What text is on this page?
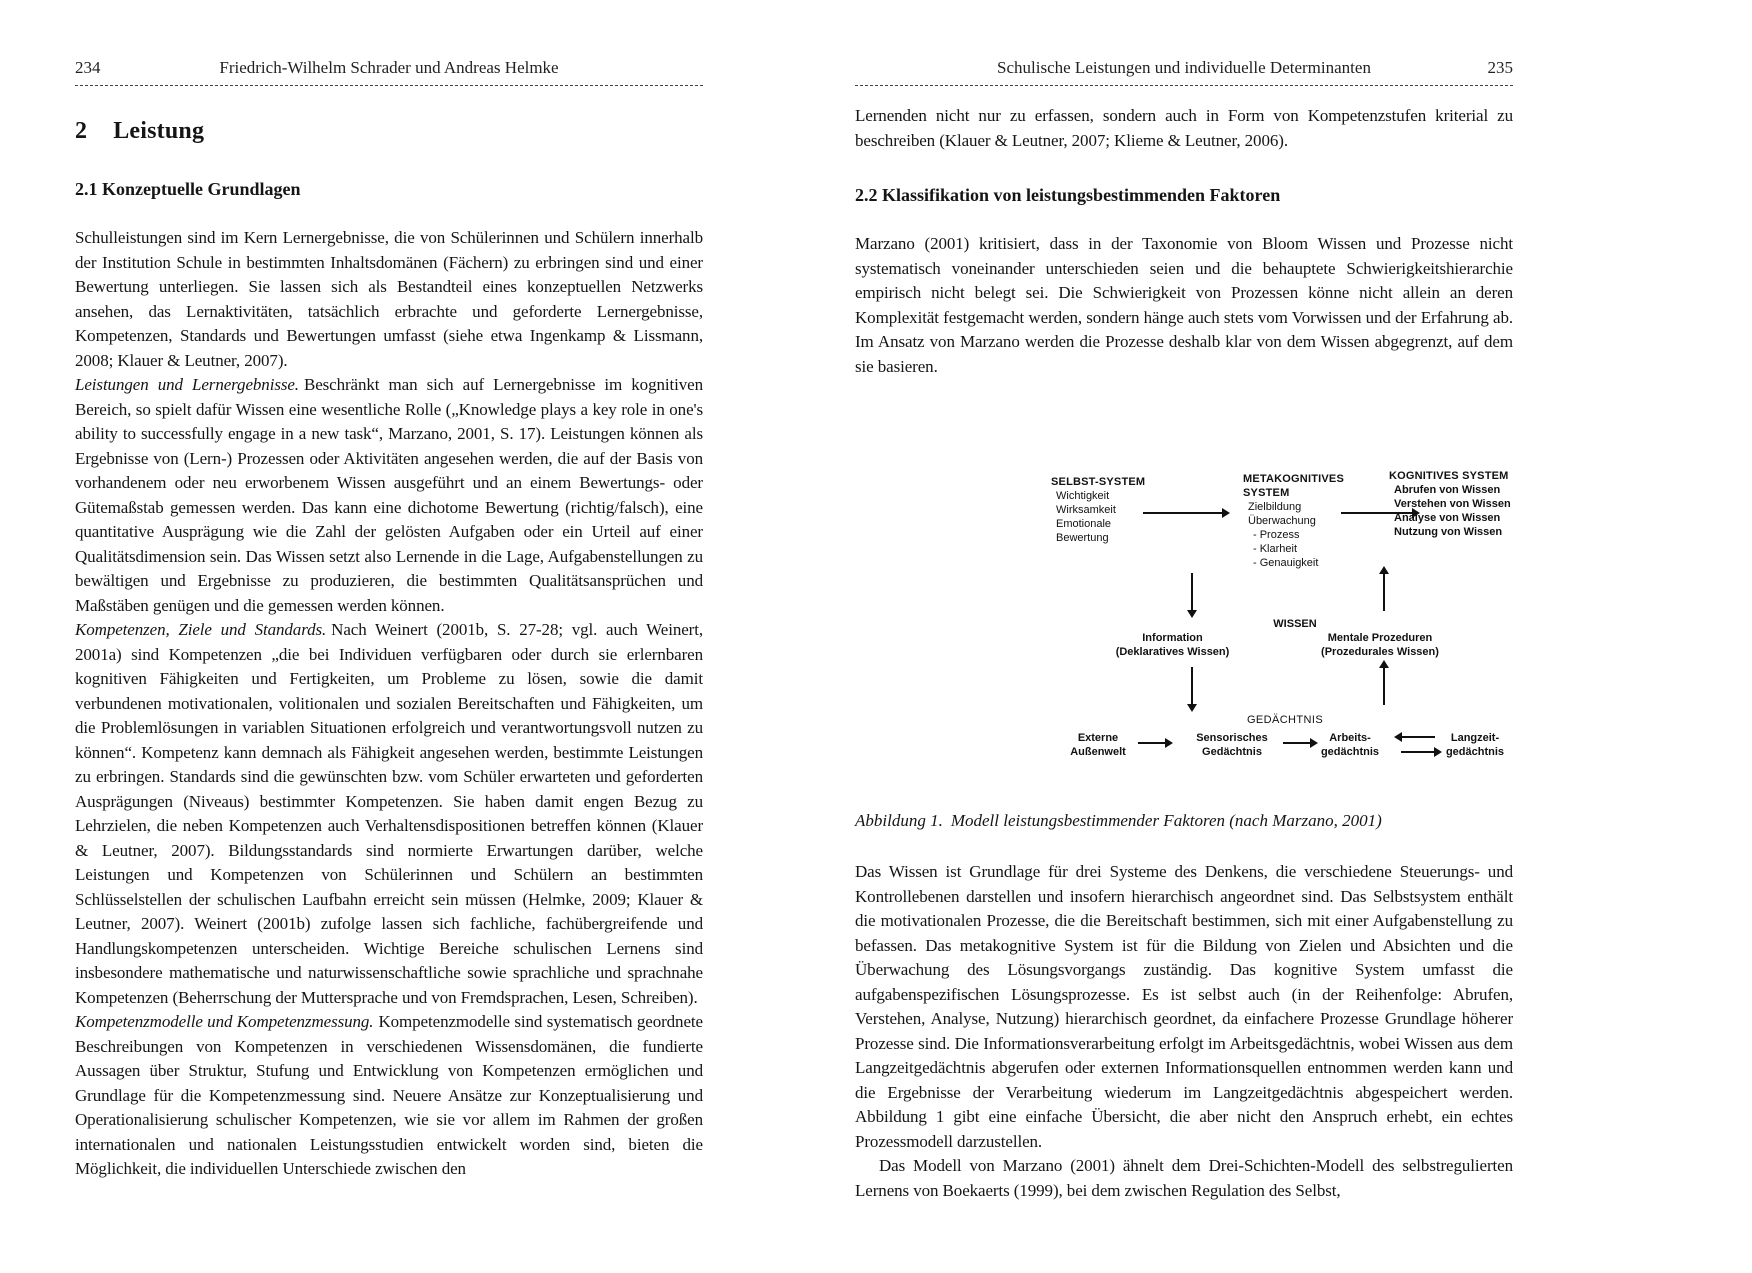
234	Friedrich-Wilhelm Schrader und Andreas Helmke
2 Leistung
2.1 Konzeptuelle Grundlagen

Schulleistungen sind im Kern Lernergebnisse, die von Schülerinnen und Schülern innerhalb der Institution Schule in bestimmten Inhaltsdomänen (Fächern) zu erbringen sind und einer Bewertung unterliegen. Sie lassen sich als Bestandteil eines konzeptuellen Netzwerks ansehen, das Lernaktivitäten, tatsächlich erbrachte und geforderte Lernergebnisse, Kompetenzen, Standards und Bewertungen umfasst (siehe etwa Ingenkamp & Lissmann, 2008; Klauer & Leutner, 2007).

Leistungen und Lernergebnisse. Beschränkt man sich auf Lernergebnisse im kognitiven Bereich, so spielt dafür Wissen eine wesentliche Rolle („Knowledge plays a key role in one's ability to successfully engage in a new task“, Marzano, 2001, S. 17). Leistungen können als Ergebnisse von (Lern-) Prozessen oder Aktivitäten angesehen werden, die auf der Basis von vorhandenem oder neu erworbenem Wissen ausgeführt und an einem Bewertungs- oder Gütemaßstab gemessen werden. Das kann eine dichotome Bewertung (richtig/falsch), eine quantitative Ausprägung wie die Zahl der gelösten Aufgaben oder ein Urteil auf einer Qualitätsdimension sein. Das Wissen setzt also Lernende in die Lage, Aufgabenstellungen zu bewältigen und Ergebnisse zu produzieren, die bestimmten Qualitätsansprüchen und Maßstäben genügen und die gemessen werden können.

Kompetenzen, Ziele und Standards. Nach Weinert (2001b, S. 27-28; vgl. auch Weinert, 2001a) sind Kompetenzen „die bei Individuen verfügbaren oder durch sie erlernbaren kognitiven Fähigkeiten und Fertigkeiten, um Probleme zu lösen, sowie die damit verbundenen motivationalen, volitionalen und sozialen Bereitschaften und Fähigkeiten, um die Problemlösungen in variablen Situationen erfolgreich und verantwortungsvoll nutzen zu können“. Kompetenz kann demnach als Fähigkeit angesehen werden, bestimmte Leistungen zu erbringen. Standards sind die gewünschten bzw. vom Schüler erwarteten und geforderten Ausprägungen (Niveaus) bestimmter Kompetenzen. Sie haben damit engen Bezug zu Lehrzielen, die neben Kompetenzen auch Verhaltensdispositionen betreffen können (Klauer & Leutner, 2007). Bildungsstandards sind normierte Erwartungen darüber, welche Leistungen und Kompetenzen von Schülerinnen und Schülern an bestimmten Schlüsselstellen der schulischen Laufbahn erreicht sein müssen (Helmke, 2009; Klauer & Leutner, 2007). Weinert (2001b) zufolge lassen sich fachliche, fachübergreifende und Handlungskompetenzen unterscheiden. Wichtige Bereiche schulischen Lernens sind insbesondere mathematische und naturwissenschaftliche sowie sprachliche und sprachnahe Kompetenzen (Beherrschung der Muttersprache und von Fremdsprachen, Lesen, Schreiben).

Kompetenzmodelle und Kompetenzmessung. Kompetenzmodelle sind systematisch geordnete Beschreibungen von Kompetenzen in verschiedenen Wissensdomänen, die fundierte Aussagen über Struktur, Stufung und Entwicklung von Kompetenzen ermöglichen und Grundlage für die Kompetenzmessung sind. Neuere Ansätze zur Konzeptualisierung und Operationalisierung schulischer Kompetenzen, wie sie vor allem im Rahmen der großen internationalen und nationalen Leistungsstudien entwickelt worden sind, bieten die Möglichkeit, die individuellen Unterschiede zwischen den

Schulische Leistungen und individuelle Determinanten	235

Lernenden nicht nur zu erfassen, sondern auch in Form von Kompetenzstufen kriterial zu beschreiben (Klauer & Leutner, 2007; Klieme & Leutner, 2006).

2.2 Klassifikation von leistungsbestimmenden Faktoren

Marzano (2001) kritisiert, dass in der Taxonomie von Bloom Wissen und Prozesse nicht systematisch voneinander unterschieden seien und die behauptete Schwierigkeitshierarchie empirisch nicht belegt sei. Die Schwierigkeit von Prozessen könne nicht allein an deren Komplexität festgemacht werden, sondern hänge auch stets vom Vorwissen und der Erfahrung ab. Im Ansatz von Marzano werden die Prozesse deshalb klar von dem Wissen abgegrenzt, auf dem sie basieren.

SELBST-SYSTEM
Wichtigkeit
Wirksamkeit
Emotionale
Bewertung
METAKOGNITIVES
SYSTEM
Zielbildung
Überwachung
- Prozess
- Klarheit
- Genauigkeit
KOGNITIVES SYSTEM
Abrufen von Wissen
Verstehen von Wissen
Analyse von Wissen
Nutzung von Wissen
WISSEN
Information
(Deklaratives Wissen)
Mentale Prozeduren
(Prozedurales Wissen)
GEDÄCHTNIS
Externe
Außenwelt
Sensorisches
Gedächtnis
Arbeits-
gedächtnis
Langzeit-
gedächtnis

Abbildung 1. Modell leistungsbestimmender Faktoren (nach Marzano, 2001)

Das Wissen ist Grundlage für drei Systeme des Denkens, die verschiedene Steuerungs- und Kontrollebenen darstellen und insofern hierarchisch angeordnet sind. Das Selbstsystem enthält die motivationalen Prozesse, die die Bereitschaft bestimmen, sich mit einer Aufgabenstellung zu befassen. Das metakognitive System ist für die Bildung von Zielen und Absichten und die Überwachung des Lösungsvorgangs zuständig. Das kognitive System umfasst die aufgabenspezifischen Lösungsprozesse. Es ist selbst auch (in der Reihenfolge: Abrufen, Verstehen, Analyse, Nutzung) hierarchisch geordnet, da einfachere Prozesse Grundlage höherer Prozesse sind. Die Informationsverarbeitung erfolgt im Arbeitsgedächtnis, wobei Wissen aus dem Langzeitgedächtnis abgerufen oder externen Informationsquellen entnommen werden kann und die Ergebnisse der Verarbeitung wiederum im Langzeitgedächtnis abgespeichert werden. Abbildung 1 gibt eine einfache Übersicht, die aber nicht den Anspruch erhebt, ein echtes Prozessmodell darzustellen.

Das Modell von Marzano (2001) ähnelt dem Drei-Schichten-Modell des selbstregulierten Lernens von Boekaerts (1999), bei dem zwischen Regulation des Selbst,
